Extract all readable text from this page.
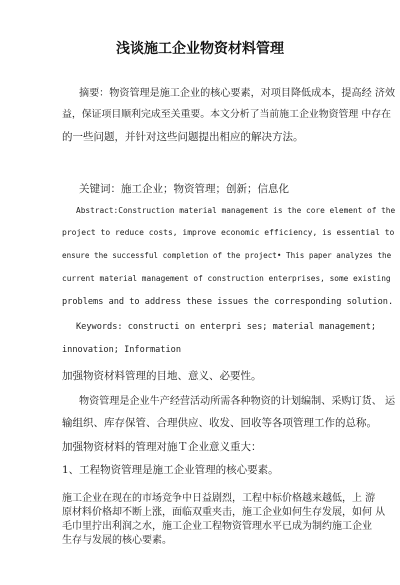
浅谈施工企业物资材料管理
摘要：物资管理是施工企业的核心要素，对项目降低成本，提高经 济效
益，保证项目顺利完成至关重要。本文分析了当前施工企业物资管理 中存在
的一些问题，并针对这些问题提出相应的解决方法。
关键词：施工企业；物资管理；创新；信息化
Abstract:Construction material management is the core element of the
project to reduce costs, improve economic efficiency, is essential to
ensure the successful completion of the project• This paper analyzes the
current material management of construction enterprises, some existing
problems and to address these issues the corresponding solution.
Keywords: constructi on enterpri ses; material management;
innovation; Information
加强物资材料管理的目地、意义、必要性。
物资管理是企业牛产经营活动所需各种物资的计划编制、采购订货、 运
输组织、库存保管、合理供应、收发、回收等各项管理工作的总称。
加强物资材料的管理对施Ｔ企业意义重大：
1、工程物资管理是施工企业管理的核心要素。
施工企业在现在的市场竞争中日益剧烈，工程中标价格越来越低，上 游
原材料价格却不断上涨，面临双重夹击，施工企业如何生存发展，如何 从
毛巾里拧出利润之水，施工企业工程物资管理水平已成为制约施工企业
生存与发展的核心要素。
